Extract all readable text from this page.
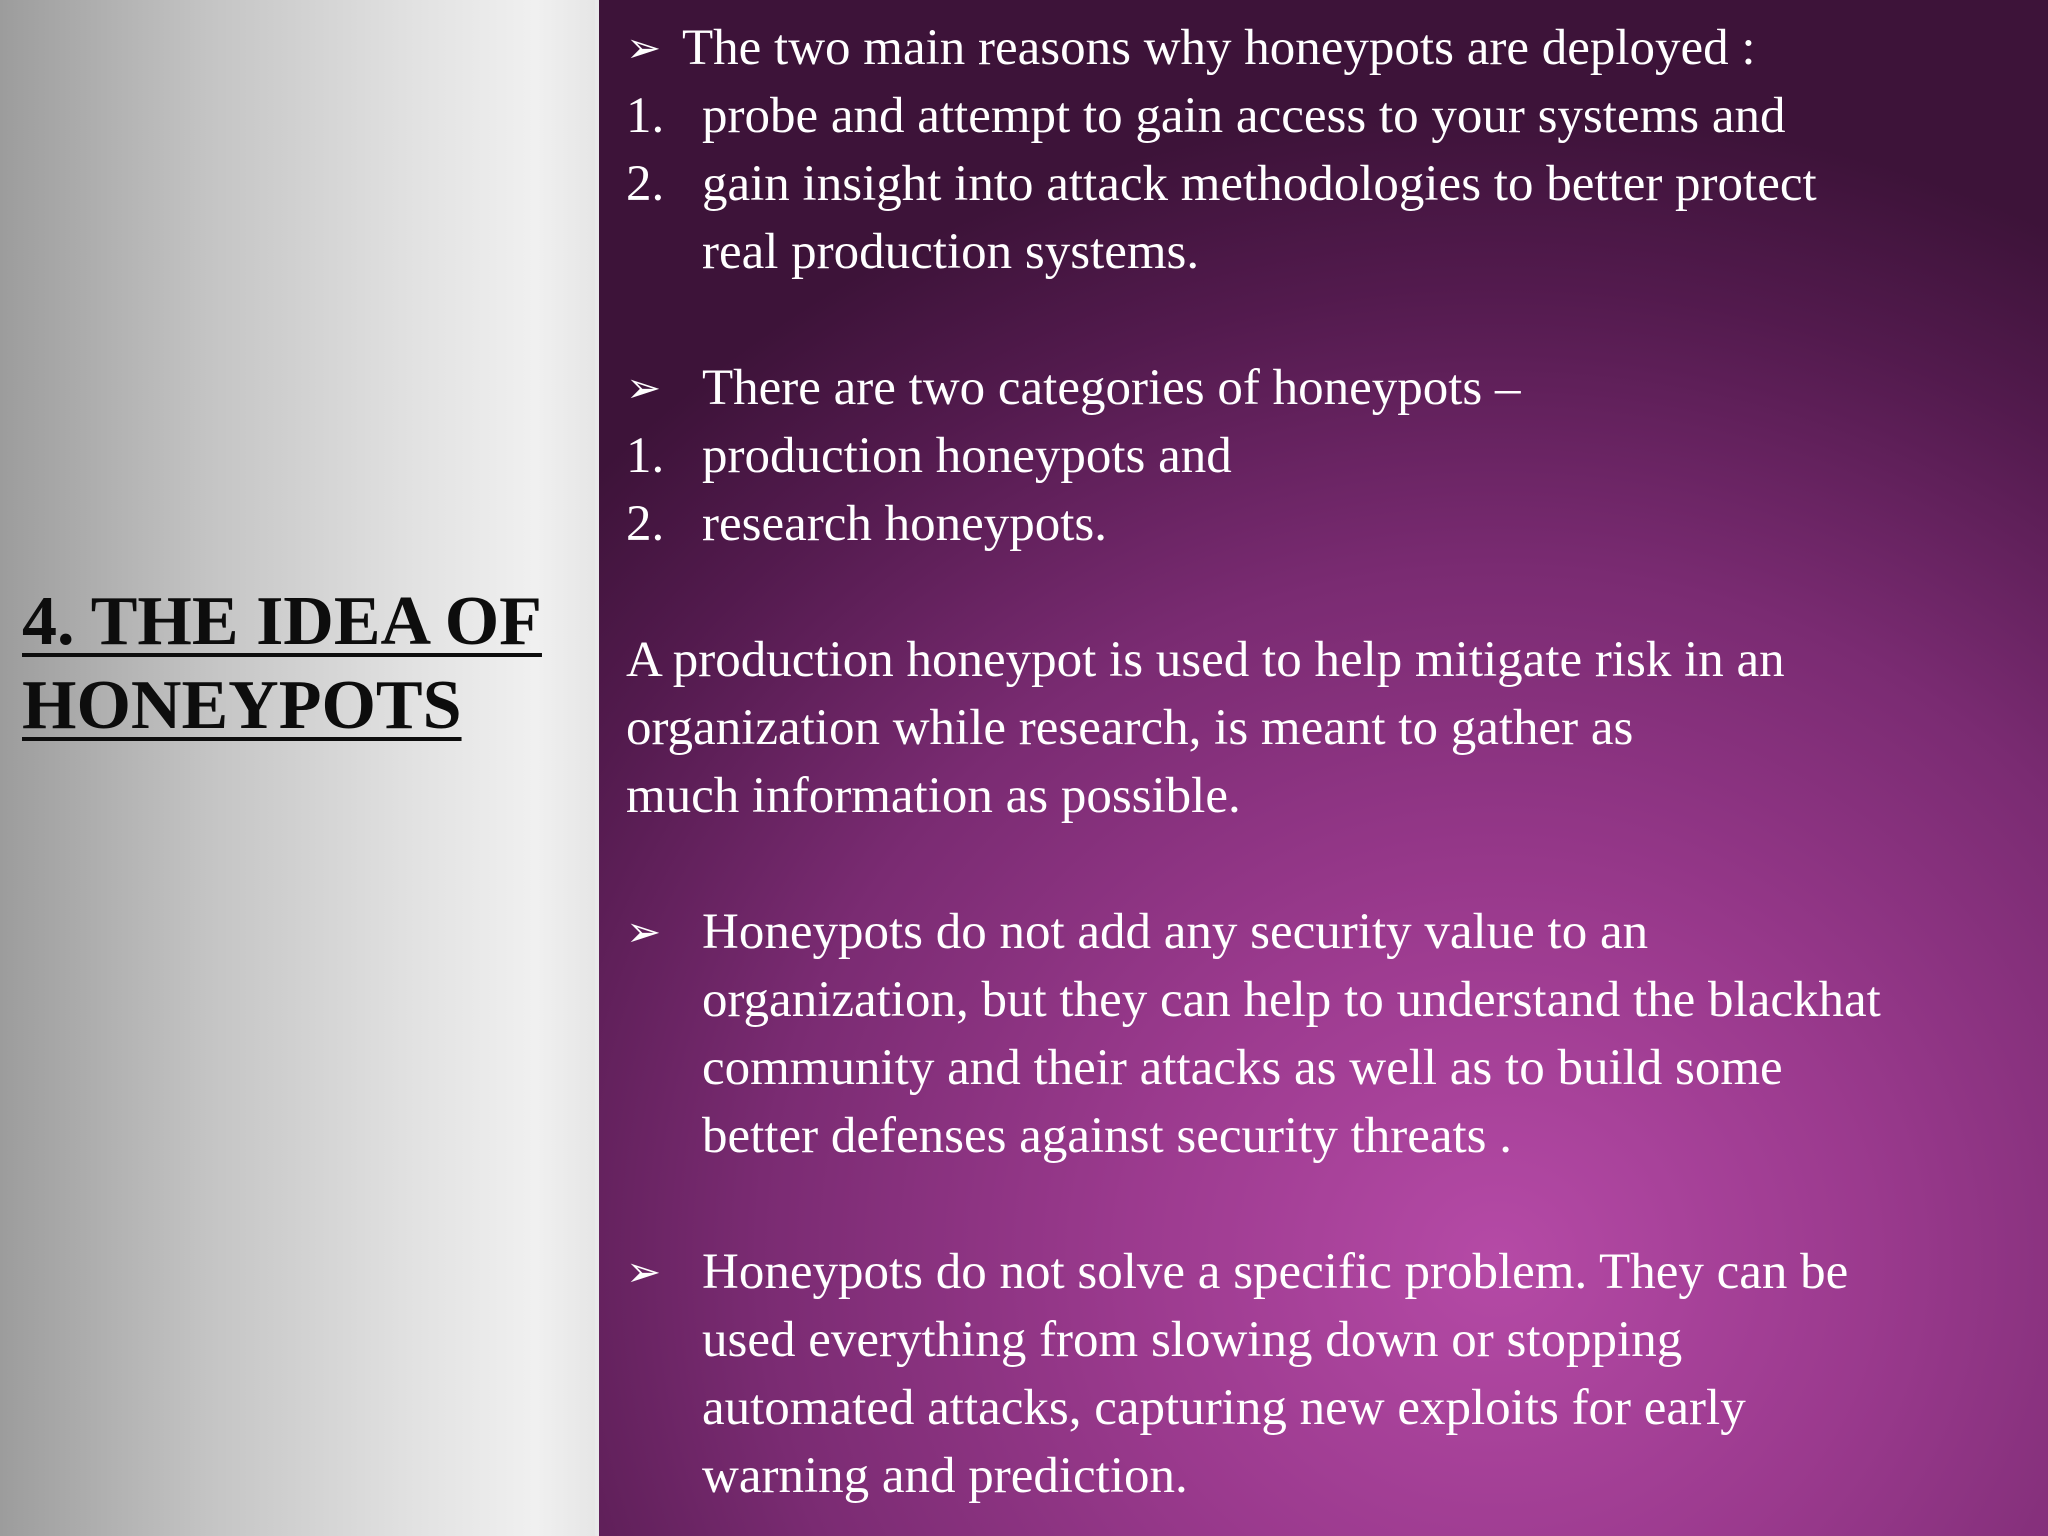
4. THE IDEA OF
HONEYPOTS
➢ The two main reasons why honeypots are deployed :
1. probe and attempt to gain access to your systems and
2. gain insight into attack methodologies to better protect
real production systems.
➢ There are two categories of honeypots –
1. production honeypots and
2. research honeypots.
A production honeypot is used to help mitigate risk in an
organization while research, is meant to gather as
much information as possible.
➢ Honeypots do not add any security value to an
organization, but they can help to understand the blackhat
community and their attacks as well as to build some
better defenses against security threats .
➢ Honeypots do not solve a specific problem. They can be
used everything from slowing down or stopping
automated attacks, capturing new exploits for early
warning and prediction.
